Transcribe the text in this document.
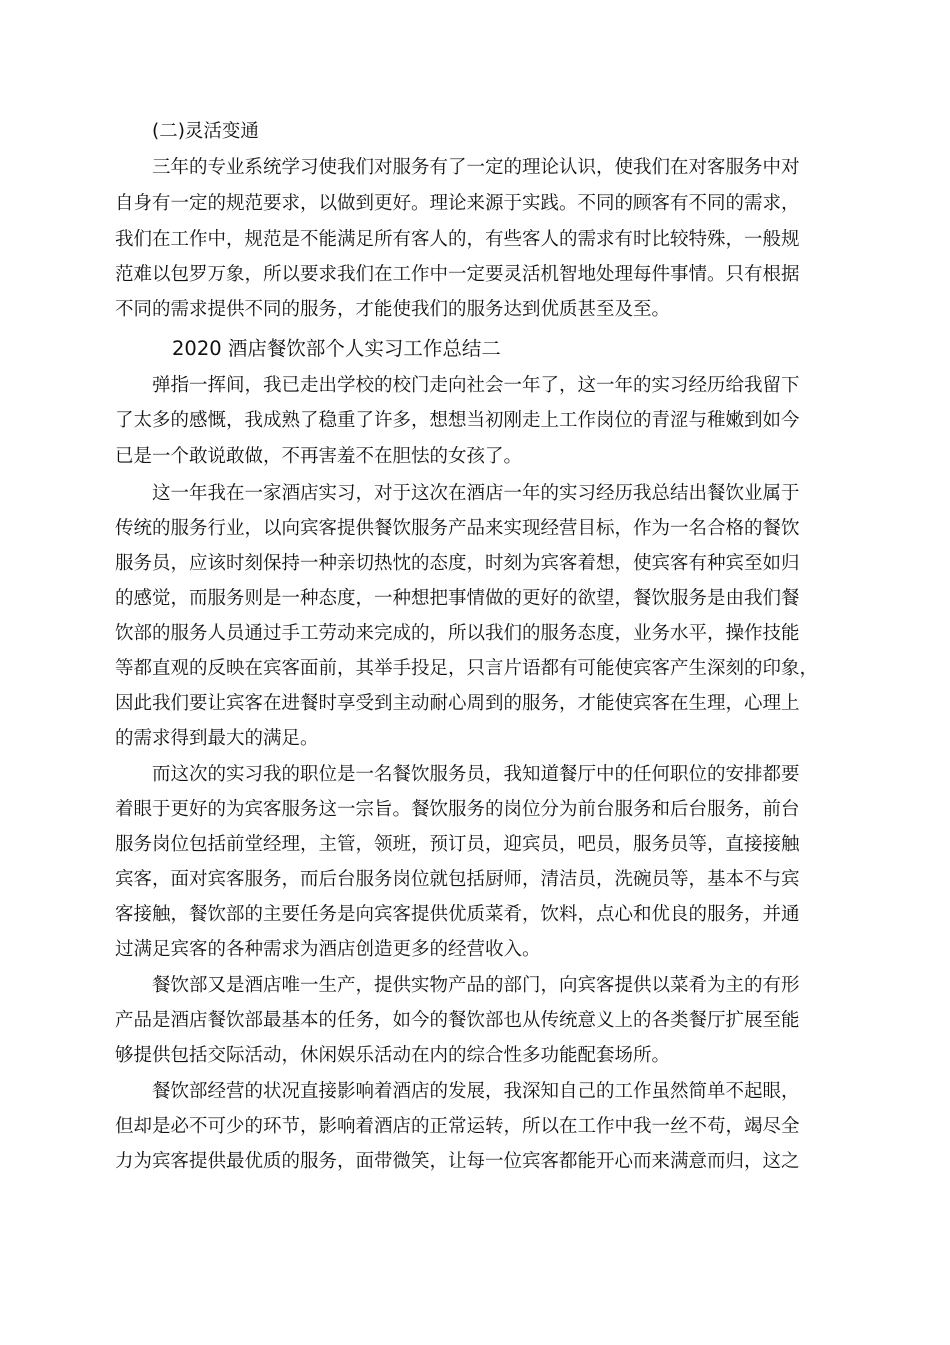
(二)灵活变通
三年的专业系统学习使我们对服务有了一定的理论认识，使我们在对客服务中对
自身有一定的规范要求，以做到更好。理论来源于实践。不同的顾客有不同的需求，
我们在工作中，规范是不能满足所有客人的，有些客人的需求有时比较特殊，一般规
范难以包罗万象，所以要求我们在工作中一定要灵活机智地处理每件事情。只有根据
不同的需求提供不同的服务，才能使我们的服务达到优质甚至及至。
2020 酒店餐饮部个人实习工作总结二
弹指一挥间，我已走出学校的校门走向社会一年了，这一年的实习经历给我留下
了太多的感慨，我成熟了稳重了许多，想想当初刚走上工作岗位的青涩与稚嫩到如今
已是一个敢说敢做，不再害羞不在胆怯的女孩了。
这一年我在一家酒店实习，对于这次在酒店一年的实习经历我总结出餐饮业属于
传统的服务行业，以向宾客提供餐饮服务产品来实现经营目标，作为一名合格的餐饮
服务员，应该时刻保持一种亲切热忱的态度，时刻为宾客着想，使宾客有种宾至如归
的感觉，而服务则是一种态度，一种想把事情做的更好的欲望，餐饮服务是由我们餐
饮部的服务人员通过手工劳动来完成的，所以我们的服务态度，业务水平，操作技能
等都直观的反映在宾客面前，其举手投足，只言片语都有可能使宾客产生深刻的印象，
因此我们要让宾客在进餐时享受到主动耐心周到的服务，才能使宾客在生理，心理上
的需求得到最大的满足。
而这次的实习我的职位是一名餐饮服务员，我知道餐厅中的任何职位的安排都要
着眼于更好的为宾客服务这一宗旨。餐饮服务的岗位分为前台服务和后台服务，前台
服务岗位包括前堂经理，主管，领班，预订员，迎宾员，吧员，服务员等，直接接触
宾客，面对宾客服务，而后台服务岗位就包括厨师，清洁员，洗碗员等，基本不与宾
客接触，餐饮部的主要任务是向宾客提供优质菜肴，饮料，点心和优良的服务，并通
过满足宾客的各种需求为酒店创造更多的经营收入。
餐饮部又是酒店唯一生产，提供实物产品的部门，向宾客提供以菜肴为主的有形
产品是酒店餐饮部最基本的任务，如今的餐饮部也从传统意义上的各类餐厅扩展至能
够提供包括交际活动，休闲娱乐活动在内的综合性多功能配套场所。
餐饮部经营的状况直接影响着酒店的发展，我深知自己的工作虽然简单不起眼，
但却是必不可少的环节，影响着酒店的正常运转，所以在工作中我一丝不苟，竭尽全
力为宾客提供最优质的服务，面带微笑，让每一位宾客都能开心而来满意而归，这之
